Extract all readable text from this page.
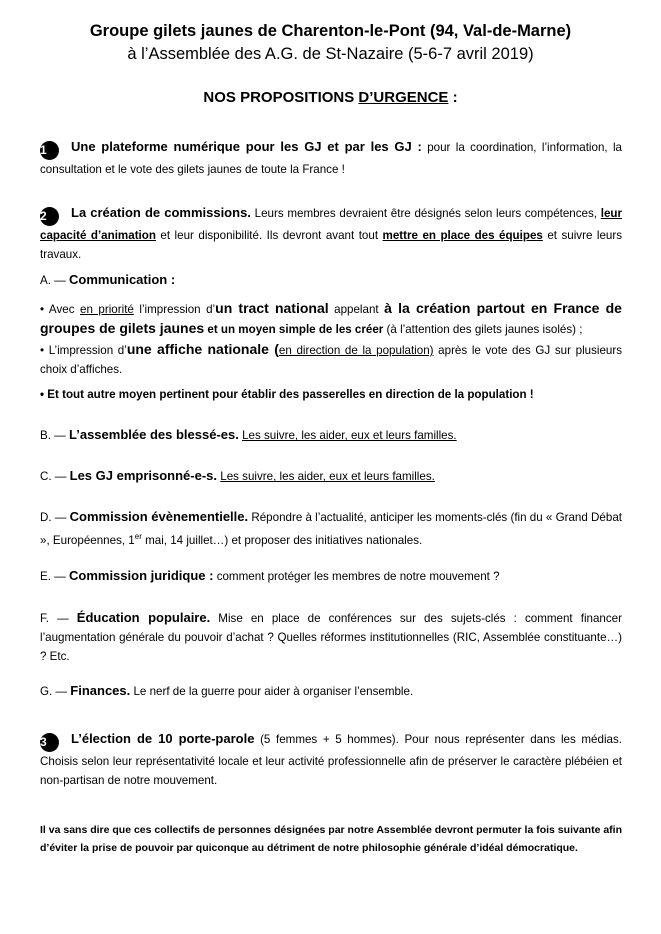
Groupe gilets jaunes de Charenton-le-Pont (94, Val-de-Marne)
à l’Assemblée des A.G. de St-Nazaire (5-6-7 avril 2019)
NOS PROPOSITIONS D’URGENCE :
1 Une plateforme numérique pour les GJ et par les GJ : pour la coordination, l’information, la consultation et le vote des gilets jaunes de toute la France !
2 La création de commissions. Leurs membres devraient être désignés selon leurs compétences, leur capacité d’animation et leur disponibilité. Ils devront avant tout mettre en place des équipes et suivre leurs travaux.
A. — Communication :
• Avec en priorité l’impression d’un tract national appelant à la création partout en France de groupes de gilets jaunes et un moyen simple de les créer (à l’attention des gilets jaunes isolés) ;
• L’impression d’une affiche nationale (en direction de la population) après le vote des GJ sur plusieurs choix d’affiches.
• Et tout autre moyen pertinent pour établir des passerelles en direction de la population !
B. — L’assemblée des blessé-es. Les suivre, les aider, eux et leurs familles.
C. — Les GJ emprisonné-e-s. Les suivre, les aider, eux et leurs familles.
D. — Commission évènementielle. Répondre à l’actualité, anticiper les moments-clés (fin du « Grand Débat », Européennes, 1er mai, 14 juillet…) et proposer des initiatives nationales.
E. — Commission juridique : comment protéger les membres de notre mouvement ?
F. — Éducation populaire. Mise en place de conférences sur des sujets-clés : comment financer l’augmentation générale du pouvoir d’achat ? Quelles réformes institutionnelles (RIC, Assemblée constituante…) ? Etc.
G. — Finances. Le nerf de la guerre pour aider à organiser l’ensemble.
3 L’élection de 10 porte-parole (5 femmes + 5 hommes). Pour nous représenter dans les médias. Choisis selon leur représentativité locale et leur activité professionnelle afin de préserver le caractère plébéien et non-partisan de notre mouvement.
Il va sans dire que ces collectifs de personnes désignées par notre Assemblée devront permuter la fois suivante afin d’éviter la prise de pouvoir par quiconque au détriment de notre philosophie générale d’idéal démocratique.
